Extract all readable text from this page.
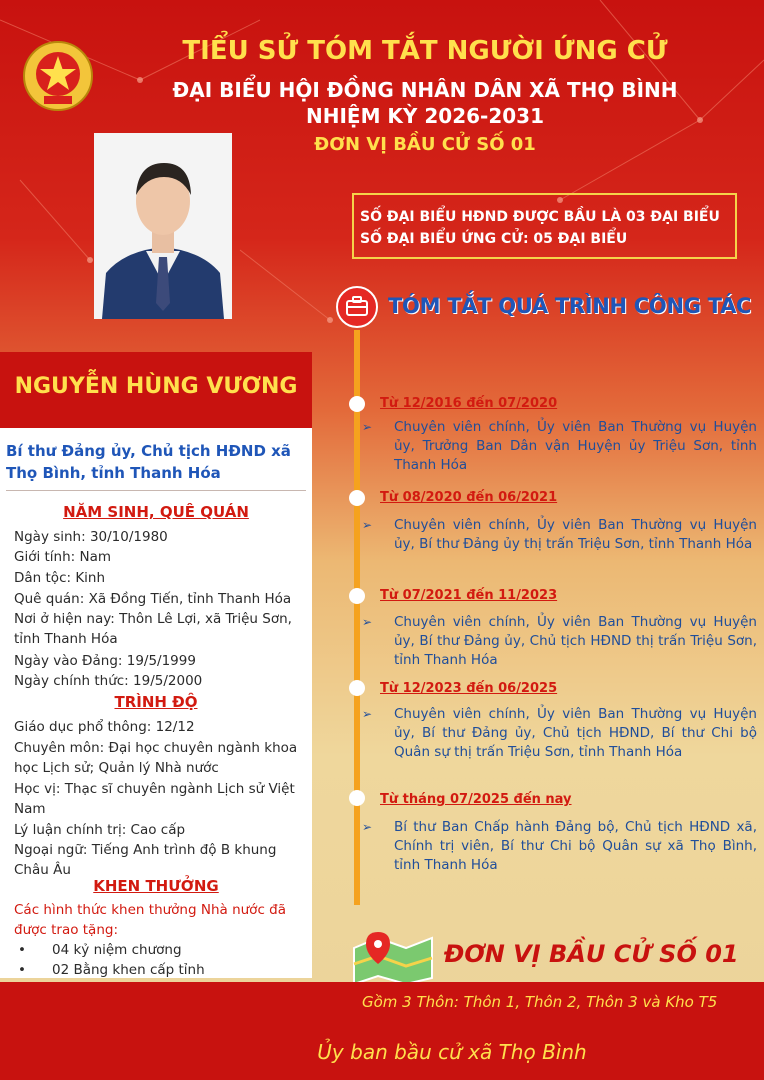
TIỂU SỬ TÓM TẮT NGƯỜI ỨNG CỬ
ĐẠI BIỂU HỘI ĐỒNG NHÂN DÂN XÃ THỌ BÌNH
NHIỆM KỲ 2026-2031
ĐƠN VỊ BẦU CỬ SỐ 01
SỐ ĐẠI BIỂU HĐND ĐƯỢC BẦU LÀ 03 ĐẠI BIỂU
SỐ ĐẠI BIỂU ỨNG CỬ: 05 ĐẠI BIỂU
TÓM TẮT QUÁ TRÌNH CÔNG TÁC
Từ 12/2016 đến 07/2020
➢	Chuyên viên chính, Ủy viên Ban Thường vụ Huyện ủy, Trưởng Ban Dân vận Huyện ủy Triệu Sơn, tỉnh Thanh Hóa
Từ 08/2020 đến 06/2021
➢	Chuyên viên chính, Ủy viên Ban Thường vụ Huyện ủy, Bí thư Đảng ủy thị trấn Triệu Sơn, tỉnh Thanh Hóa
Từ 07/2021 đến 11/2023
➢	Chuyên viên chính, Ủy viên Ban Thường vụ Huyện ủy, Bí thư Đảng ủy, Chủ tịch HĐND thị trấn Triệu Sơn, tỉnh Thanh Hóa
Từ 12/2023 đến 06/2025
➢	Chuyên viên chính, Ủy viên Ban Thường vụ Huyện ủy, Bí thư Đảng ủy, Chủ tịch HĐND, Bí thư Chi bộ Quân sự thị trấn Triệu Sơn, tỉnh Thanh Hóa
Từ tháng 07/2025 đến nay
➢	Bí thư Ban Chấp hành Đảng bộ, Chủ tịch HĐND xã, Chính trị viên, Bí thư Chi bộ Quân sự xã Thọ Bình, tỉnh Thanh Hóa
NGUYỄN HÙNG VƯƠNG
Bí thư Đảng ủy, Chủ tịch HĐND xã Thọ Bình, tỉnh Thanh Hóa
NĂM SINH, QUÊ QUÁN
Ngày sinh: 30/10/1980
Giới tính: Nam
Dân tộc: Kinh
Quê quán: Xã Đồng Tiến, tỉnh Thanh Hóa
Nơi ở hiện nay: Thôn Lê Lợi, xã Triệu Sơn, tỉnh Thanh Hóa
Ngày vào Đảng: 19/5/1999
Ngày chính thức: 19/5/2000
TRÌNH ĐỘ
Giáo dục phổ thông: 12/12
Chuyên môn: Đại học chuyên ngành khoa học Lịch sử; Quản lý Nhà nước
Học vị: Thạc sĩ chuyên ngành Lịch sử Việt Nam
Lý luận chính trị: Cao cấp
Ngoại ngữ: Tiếng Anh trình độ B khung Châu Âu
KHEN THƯỞNG
Các hình thức khen thưởng Nhà nước đã được trao tặng:
• 04 kỷ niệm chương
• 02 Bằng khen cấp tỉnh
ĐƠN VỊ BẦU CỬ SỐ 01
Gồm 3 Thôn: Thôn 1, Thôn 2, Thôn 3 và Kho T5
Ủy ban bầu cử xã Thọ Bình
